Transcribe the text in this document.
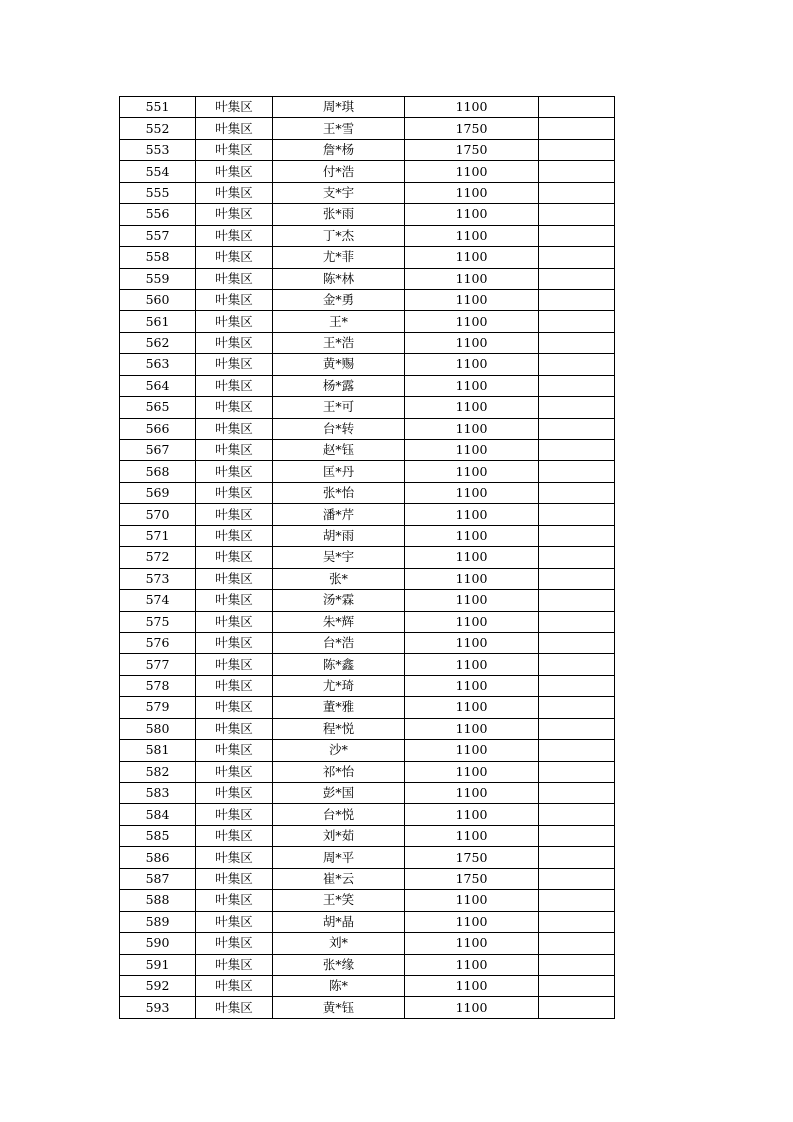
551	叶集区	周*琪	1100	
552	叶集区	王*雪	1750	
553	叶集区	詹*杨	1750	
554	叶集区	付*浩	1100	
555	叶集区	支*宇	1100	
556	叶集区	张*雨	1100	
557	叶集区	丁*杰	1100	
558	叶集区	尤*菲	1100	
559	叶集区	陈*林	1100	
560	叶集区	金*勇	1100	
561	叶集区	王*	1100	
562	叶集区	王*浩	1100	
563	叶集区	黄*赐	1100	
564	叶集区	杨*露	1100	
565	叶集区	王*可	1100	
566	叶集区	台*转	1100	
567	叶集区	赵*钰	1100	
568	叶集区	匡*丹	1100	
569	叶集区	张*怡	1100	
570	叶集区	潘*芹	1100	
571	叶集区	胡*雨	1100	
572	叶集区	吴*宇	1100	
573	叶集区	张*	1100	
574	叶集区	汤*霖	1100	
575	叶集区	朱*辉	1100	
576	叶集区	台*浩	1100	
577	叶集区	陈*鑫	1100	
578	叶集区	尤*琦	1100	
579	叶集区	董*雅	1100	
580	叶集区	程*悦	1100	
581	叶集区	沙*	1100	
582	叶集区	祁*怡	1100	
583	叶集区	彭*国	1100	
584	叶集区	台*悦	1100	
585	叶集区	刘*茹	1100	
586	叶集区	周*平	1750	
587	叶集区	崔*云	1750	
588	叶集区	王*笑	1100	
589	叶集区	胡*晶	1100	
590	叶集区	刘*	1100	
591	叶集区	张*缘	1100	
592	叶集区	陈*	1100	
593	叶集区	黄*钰	1100	
